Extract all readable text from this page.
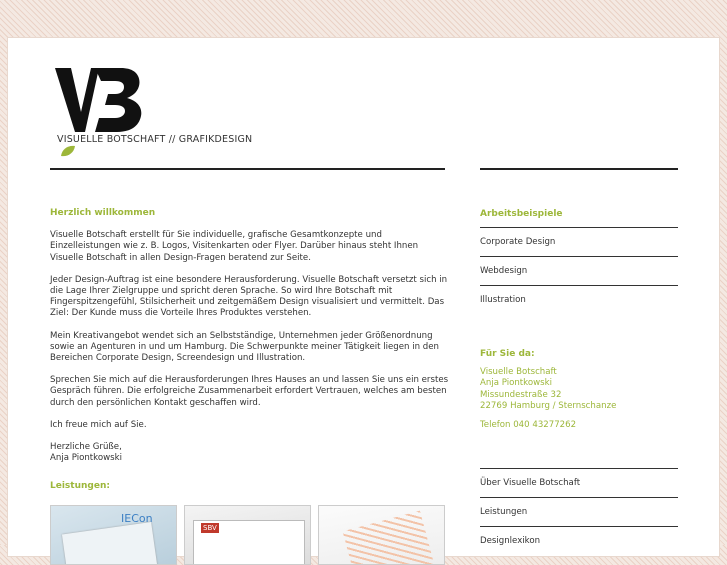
VISUELLE BOTSCHAFT // GRAFIKDESIGN
Herzlich willkommen

Visuelle Botschaft erstellt für Sie individuelle, grafische Gesamtkonzepte und Einzelleistungen wie z. B. Logos, Visitenkarten oder Flyer. Darüber hinaus steht Ihnen Visuelle Botschaft in allen Design-Fragen beratend zur Seite.

Jeder Design-Auftrag ist eine besondere Herausforderung. Visuelle Botschaft versetzt sich in die Lage Ihrer Zielgruppe und spricht deren Sprache. So wird Ihre Botschaft mit Fingerspitzengefühl, Stilsicherheit und zeitgemäßem Design visualisiert und vermittelt. Das Ziel: Der Kunde muss die Vorteile Ihres Produktes verstehen.

Mein Kreativangebot wendet sich an Selbstständige, Unternehmen jeder Größenordnung sowie an Agenturen in und um Hamburg. Die Schwerpunkte meiner Tätigkeit liegen in den Bereichen Corporate Design, Screendesign und Illustration.

Sprechen Sie mich auf die Herausforderungen Ihres Hauses an und lassen Sie uns ein erstes Gespräch führen. Die erfolgreiche Zusammenarbeit erfordert Vertrauen, welches am besten durch den persönlichen Kontakt geschaffen wird.

Ich freue mich auf Sie.

Herzliche Grüße,
Anja Piontkowski

Leistungen:
IECon
SBV
Arbeitsbeispiele
Corporate Design
Webdesign
Illustration
Für Sie da:
Visuelle Botschaft
Anja Piontkowski
Missundestraße 32
22769 Hamburg / Sternschanze
Telefon 040 43277262
Über Visuelle Botschaft
Leistungen
Designlexikon
